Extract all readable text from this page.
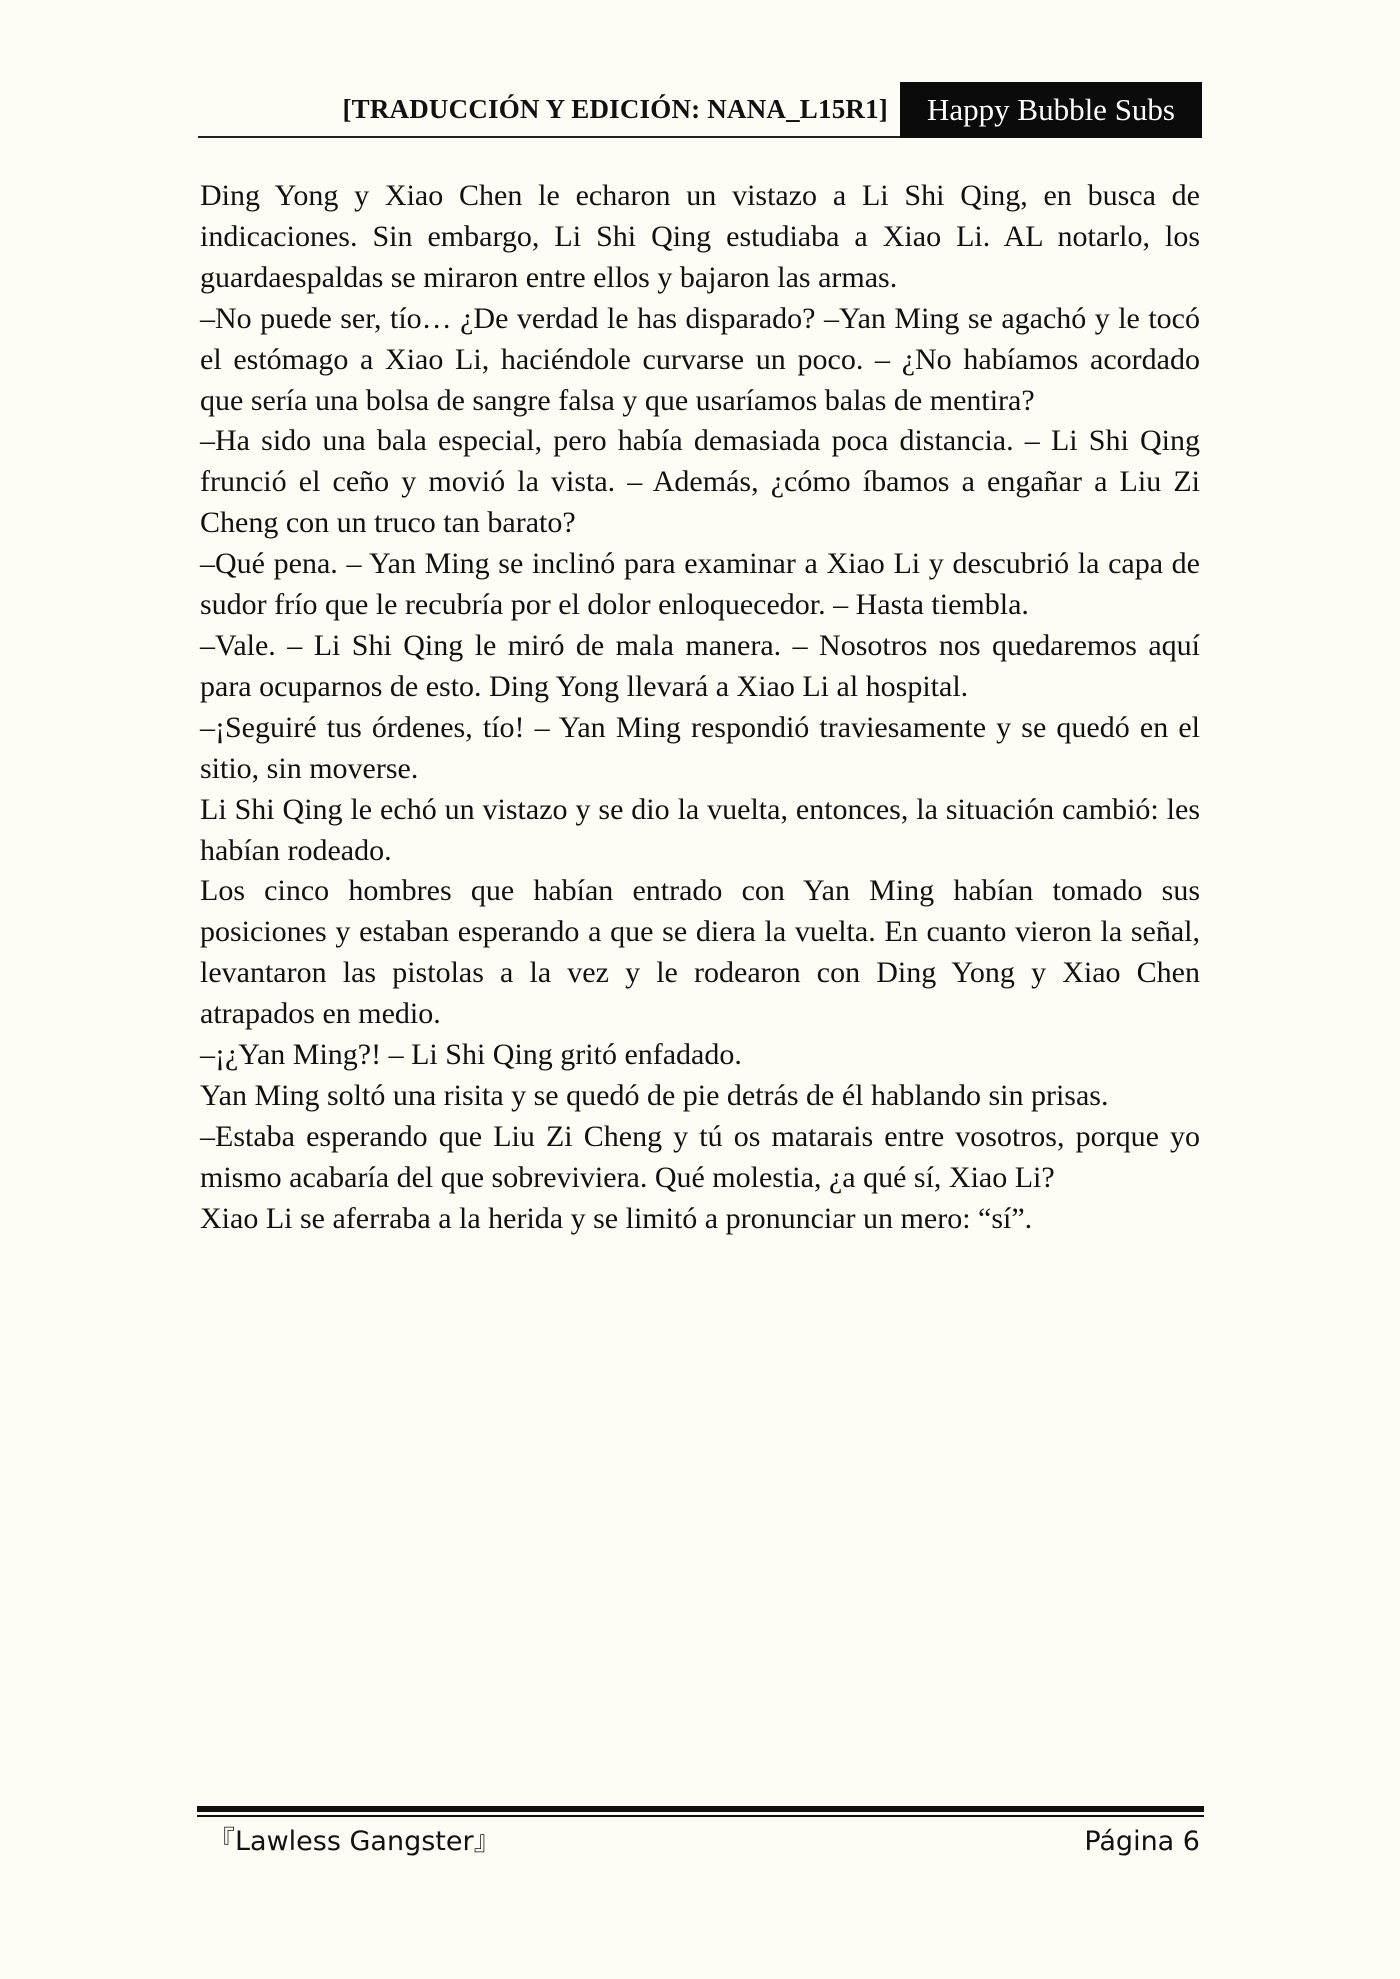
[TRADUCCIÓN Y EDICIÓN: NANA_L15R1]	Happy Bubble Subs

Ding Yong y Xiao Chen le echaron un vistazo a Li Shi Qing, en busca de indicaciones. Sin embargo, Li Shi Qing estudiaba a Xiao Li. AL notarlo, los guardaespaldas se miraron entre ellos y bajaron las armas.

–No puede ser, tío… ¿De verdad le has disparado? –Yan Ming se agachó y le tocó el estómago a Xiao Li, haciéndole curvarse un poco. – ¿No habíamos acordado que sería una bolsa de sangre falsa y que usaríamos balas de mentira?

–Ha sido una bala especial, pero había demasiada poca distancia. – Li Shi Qing frunció el ceño y movió la vista. – Además, ¿cómo íbamos a engañar a Liu Zi Cheng con un truco tan barato?

–Qué pena. – Yan Ming se inclinó para examinar a Xiao Li y descubrió la capa de sudor frío que le recubría por el dolor enloquecedor. – Hasta tiembla.

–Vale. – Li Shi Qing le miró de mala manera. – Nosotros nos quedaremos aquí para ocuparnos de esto. Ding Yong llevará a Xiao Li al hospital.

–¡Seguiré tus órdenes, tío! – Yan Ming respondió traviesamente y se quedó en el sitio, sin moverse.

Li Shi Qing le echó un vistazo y se dio la vuelta, entonces, la situación cambió: les habían rodeado.

Los cinco hombres que habían entrado con Yan Ming habían tomado sus posiciones y estaban esperando a que se diera la vuelta. En cuanto vieron la señal, levantaron las pistolas a la vez y le rodearon con Ding Yong y Xiao Chen atrapados en medio.

–¡¿Yan Ming?! – Li Shi Qing gritó enfadado.

Yan Ming soltó una risita y se quedó de pie detrás de él hablando sin prisas.

–Estaba esperando que Liu Zi Cheng y tú os matarais entre vosotros, porque yo mismo acabaría del que sobreviviera. Qué molestia, ¿a qué sí, Xiao Li?

Xiao Li se aferraba a la herida y se limitó a pronunciar un mero: “sí”.

『Lawless Gangster』	Página 6
